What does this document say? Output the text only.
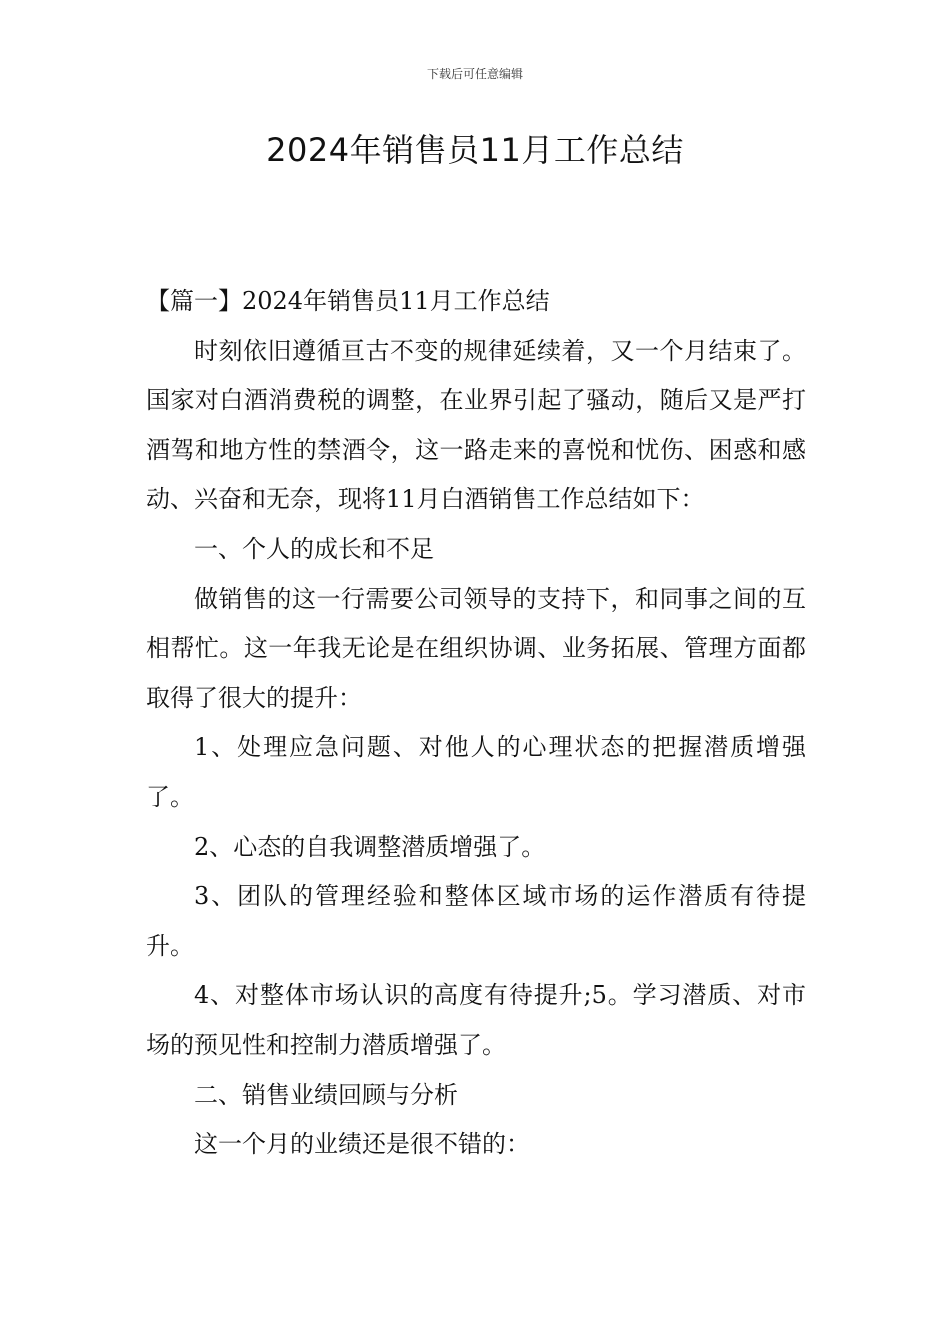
下载后可任意编辑
2024年销售员11月工作总结

【篇一】2024年销售员11月工作总结

时刻依旧遵循亘古不变的规律延续着，又一个月结束了。国家对白酒消费税的调整，在业界引起了骚动，随后又是严打酒驾和地方性的禁酒令，这一路走来的喜悦和忧伤、困惑和感动、兴奋和无奈，现将11月白酒销售工作总结如下：

一、个人的成长和不足

做销售的这一行需要公司领导的支持下，和同事之间的互相帮忙。这一年我无论是在组织协调、业务拓展、管理方面都取得了很大的提升：

1、处理应急问题、对他人的心理状态的把握潜质增强了。

2、心态的自我调整潜质增强了。

3、团队的管理经验和整体区域市场的运作潜质有待提升。

4、对整体市场认识的高度有待提升;5。学习潜质、对市场的预见性和控制力潜质增强了。

二、销售业绩回顾与分析

这一个月的业绩还是很不错的：
